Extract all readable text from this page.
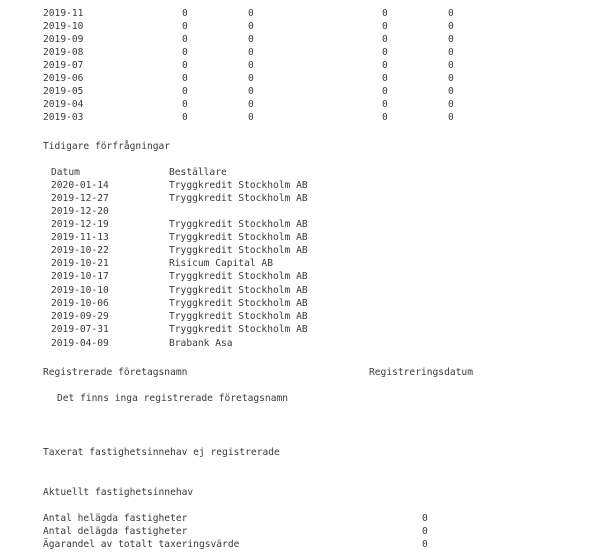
2019-11	0	0	0	0
2019-10	0	0	0	0
2019-09	0	0	0	0
2019-08	0	0	0	0
2019-07	0	0	0	0
2019-06	0	0	0	0
2019-05	0	0	0	0
2019-04	0	0	0	0
2019-03	0	0	0	0
Tidigare förfrågningar
Datum	Beställare
2020-01-14	Tryggkredit Stockholm AB
2019-12-27	Tryggkredit Stockholm AB
2019-12-20
2019-12-19	Tryggkredit Stockholm AB
2019-11-13	Tryggkredit Stockholm AB
2019-10-22	Tryggkredit Stockholm AB
2019-10-21	Risicum Capital AB
2019-10-17	Tryggkredit Stockholm AB
2019-10-10	Tryggkredit Stockholm AB
2019-10-06	Tryggkredit Stockholm AB
2019-09-29	Tryggkredit Stockholm AB
2019-07-31	Tryggkredit Stockholm AB
2019-04-09	Brabank Asa
Registrerade företagsnamn	Registreringsdatum
Det finns inga registrerade företagsnamn
Taxerat fastighetsinnehav ej registrerade
Aktuellt fastighetsinnehav
Antal helägda fastigheter	0
Antal delägda fastigheter	0
Ägarandel av totalt taxeringsvärde	0
